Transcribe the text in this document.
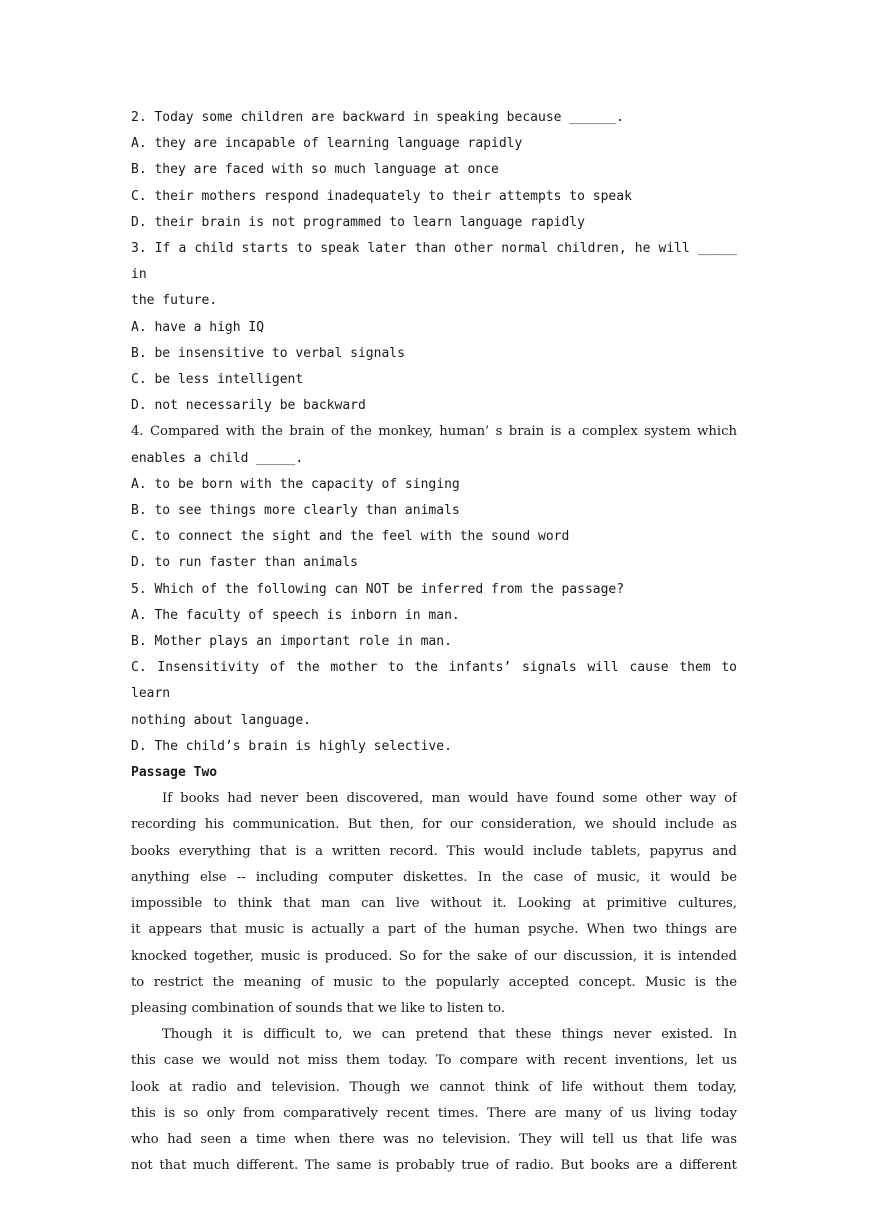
2. Today some children are backward in speaking because ______.
A. they are incapable of learning language rapidly
B. they are faced with so much language at once
C. their mothers respond inadequately to their attempts to speak
D. their brain is not programmed to learn language rapidly
3. If a child starts to speak later than other normal children, he will _____ in
the future.
A. have a high IQ
B. be insensitive to verbal signals
C. be less intelligent
D. not necessarily be backward
4. Compared with the brain of the monkey, human’ s brain is a complex system which
enables a child _____.
A. to be born with the capacity of singing
B. to see things more clearly than animals
C. to connect the sight and the feel with the sound word
D. to run faster than animals
5. Which of the following can NOT be inferred from the passage?
A. The faculty of speech is inborn in man.
B. Mother plays an important role in man.
C. Insensitivity of the mother to the infants’ signals will cause them to learn
nothing about language.
D. The child’s brain is highly selective.
Passage Two
If books had never been discovered, man would have found some other way of
recording his communication. But then, for our consideration, we should include as
books everything that is a written record. This would include tablets, papyrus and
anything else -- including computer diskettes. In the case of music, it would be
impossible to think that man can live without it. Looking at primitive cultures,
it appears that music is actually a part of the human psyche. When two things are
knocked together, music is produced. So for the sake of our discussion, it is intended
to restrict the meaning of music to the popularly accepted concept. Music is the
pleasing combination of sounds that we like to listen to.
Though it is difficult to, we can pretend that these things never existed. In
this case we would not miss them today. To compare with recent inventions, let us
look at radio and television. Though we cannot think of life without them today,
this is so only from comparatively recent times. There are many of us living today
who had seen a time when there was no television. They will tell us that life was
not that much different. The same is probably true of radio. But books are a different
